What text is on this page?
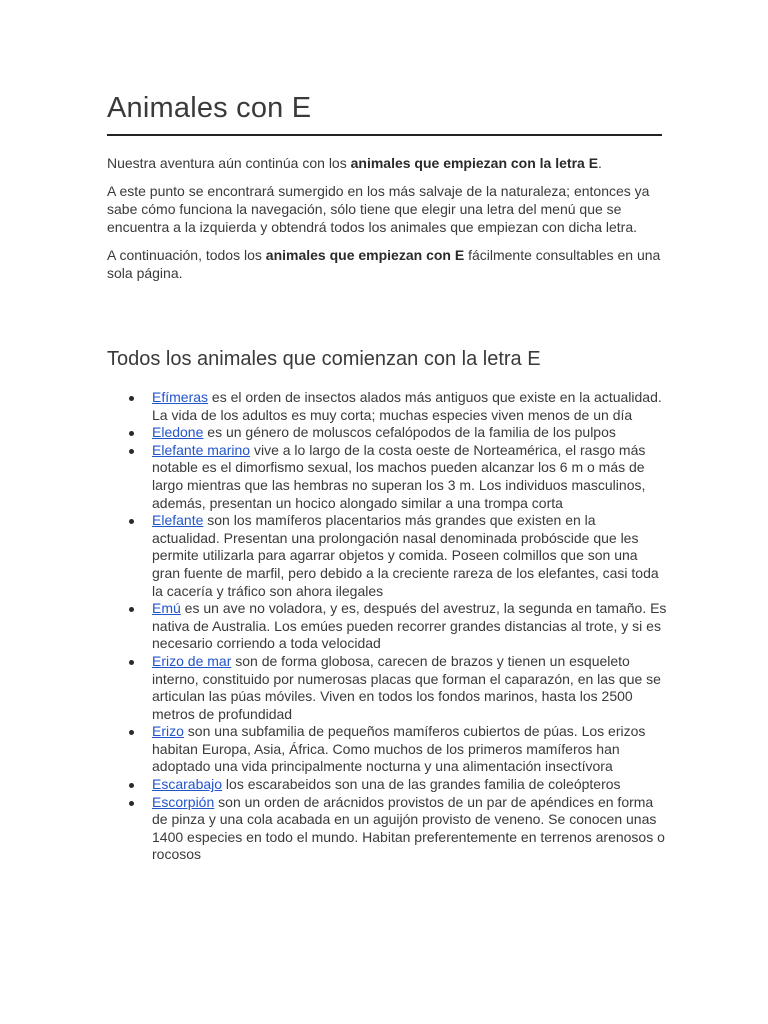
Animales con E

Nuestra aventura aún continúa con los animales que empiezan con la letra E.

A este punto se encontrará sumergido en los más salvaje de la naturaleza; entonces ya sabe cómo funciona la navegación, sólo tiene que elegir una letra del menú que se encuentra a la izquierda y obtendrá todos los animales que empiezan con dicha letra.

A continuación, todos los animales que empiezan con E fácilmente consultables en una sola página.

Todos los animales que comienzan con la letra E
Efímeras es el orden de insectos alados más antiguos que existe en la actualidad. La vida de los adultos es muy corta; muchas especies viven menos de un día
Eledone es un género de moluscos cefalópodos de la familia de los pulpos
Elefante marino vive a lo largo de la costa oeste de Norteamérica, el rasgo más notable es el dimorfismo sexual, los machos pueden alcanzar los 6 m o más de largo mientras que las hembras no superan los 3 m. Los individuos masculinos, además, presentan un hocico alongado similar a una trompa corta
Elefante son los mamíferos placentarios más grandes que existen en la actualidad. Presentan una prolongación nasal denominada probóscide que les permite utilizarla para agarrar objetos y comida. Poseen colmillos que son una gran fuente de marfil, pero debido a la creciente rareza de los elefantes, casi toda la cacería y tráfico son ahora ilegales
Emú es un ave no voladora, y es, después del avestruz, la segunda en tamaño. Es nativa de Australia. Los emúes pueden recorrer grandes distancias al trote, y si es necesario corriendo a toda velocidad
Erizo de mar son de forma globosa, carecen de brazos y tienen un esqueleto interno, constituido por numerosas placas que forman el caparazón, en las que se articulan las púas móviles. Viven en todos los fondos marinos, hasta los 2500 metros de profundidad
Erizo son una subfamilia de pequeños mamíferos cubiertos de púas. Los erizos habitan Europa, Asia, África. Como muchos de los primeros mamíferos han adoptado una vida principalmente nocturna y una alimentación insectívora
Escarabajo los escarabeidos son una de las grandes familia de coleópteros
Escorpión son un orden de arácnidos provistos de un par de apéndices en forma de pinza y una cola acabada en un aguijón provisto de veneno. Se conocen unas 1400 especies en todo el mundo. Habitan preferentemente en terrenos arenosos o rocosos
